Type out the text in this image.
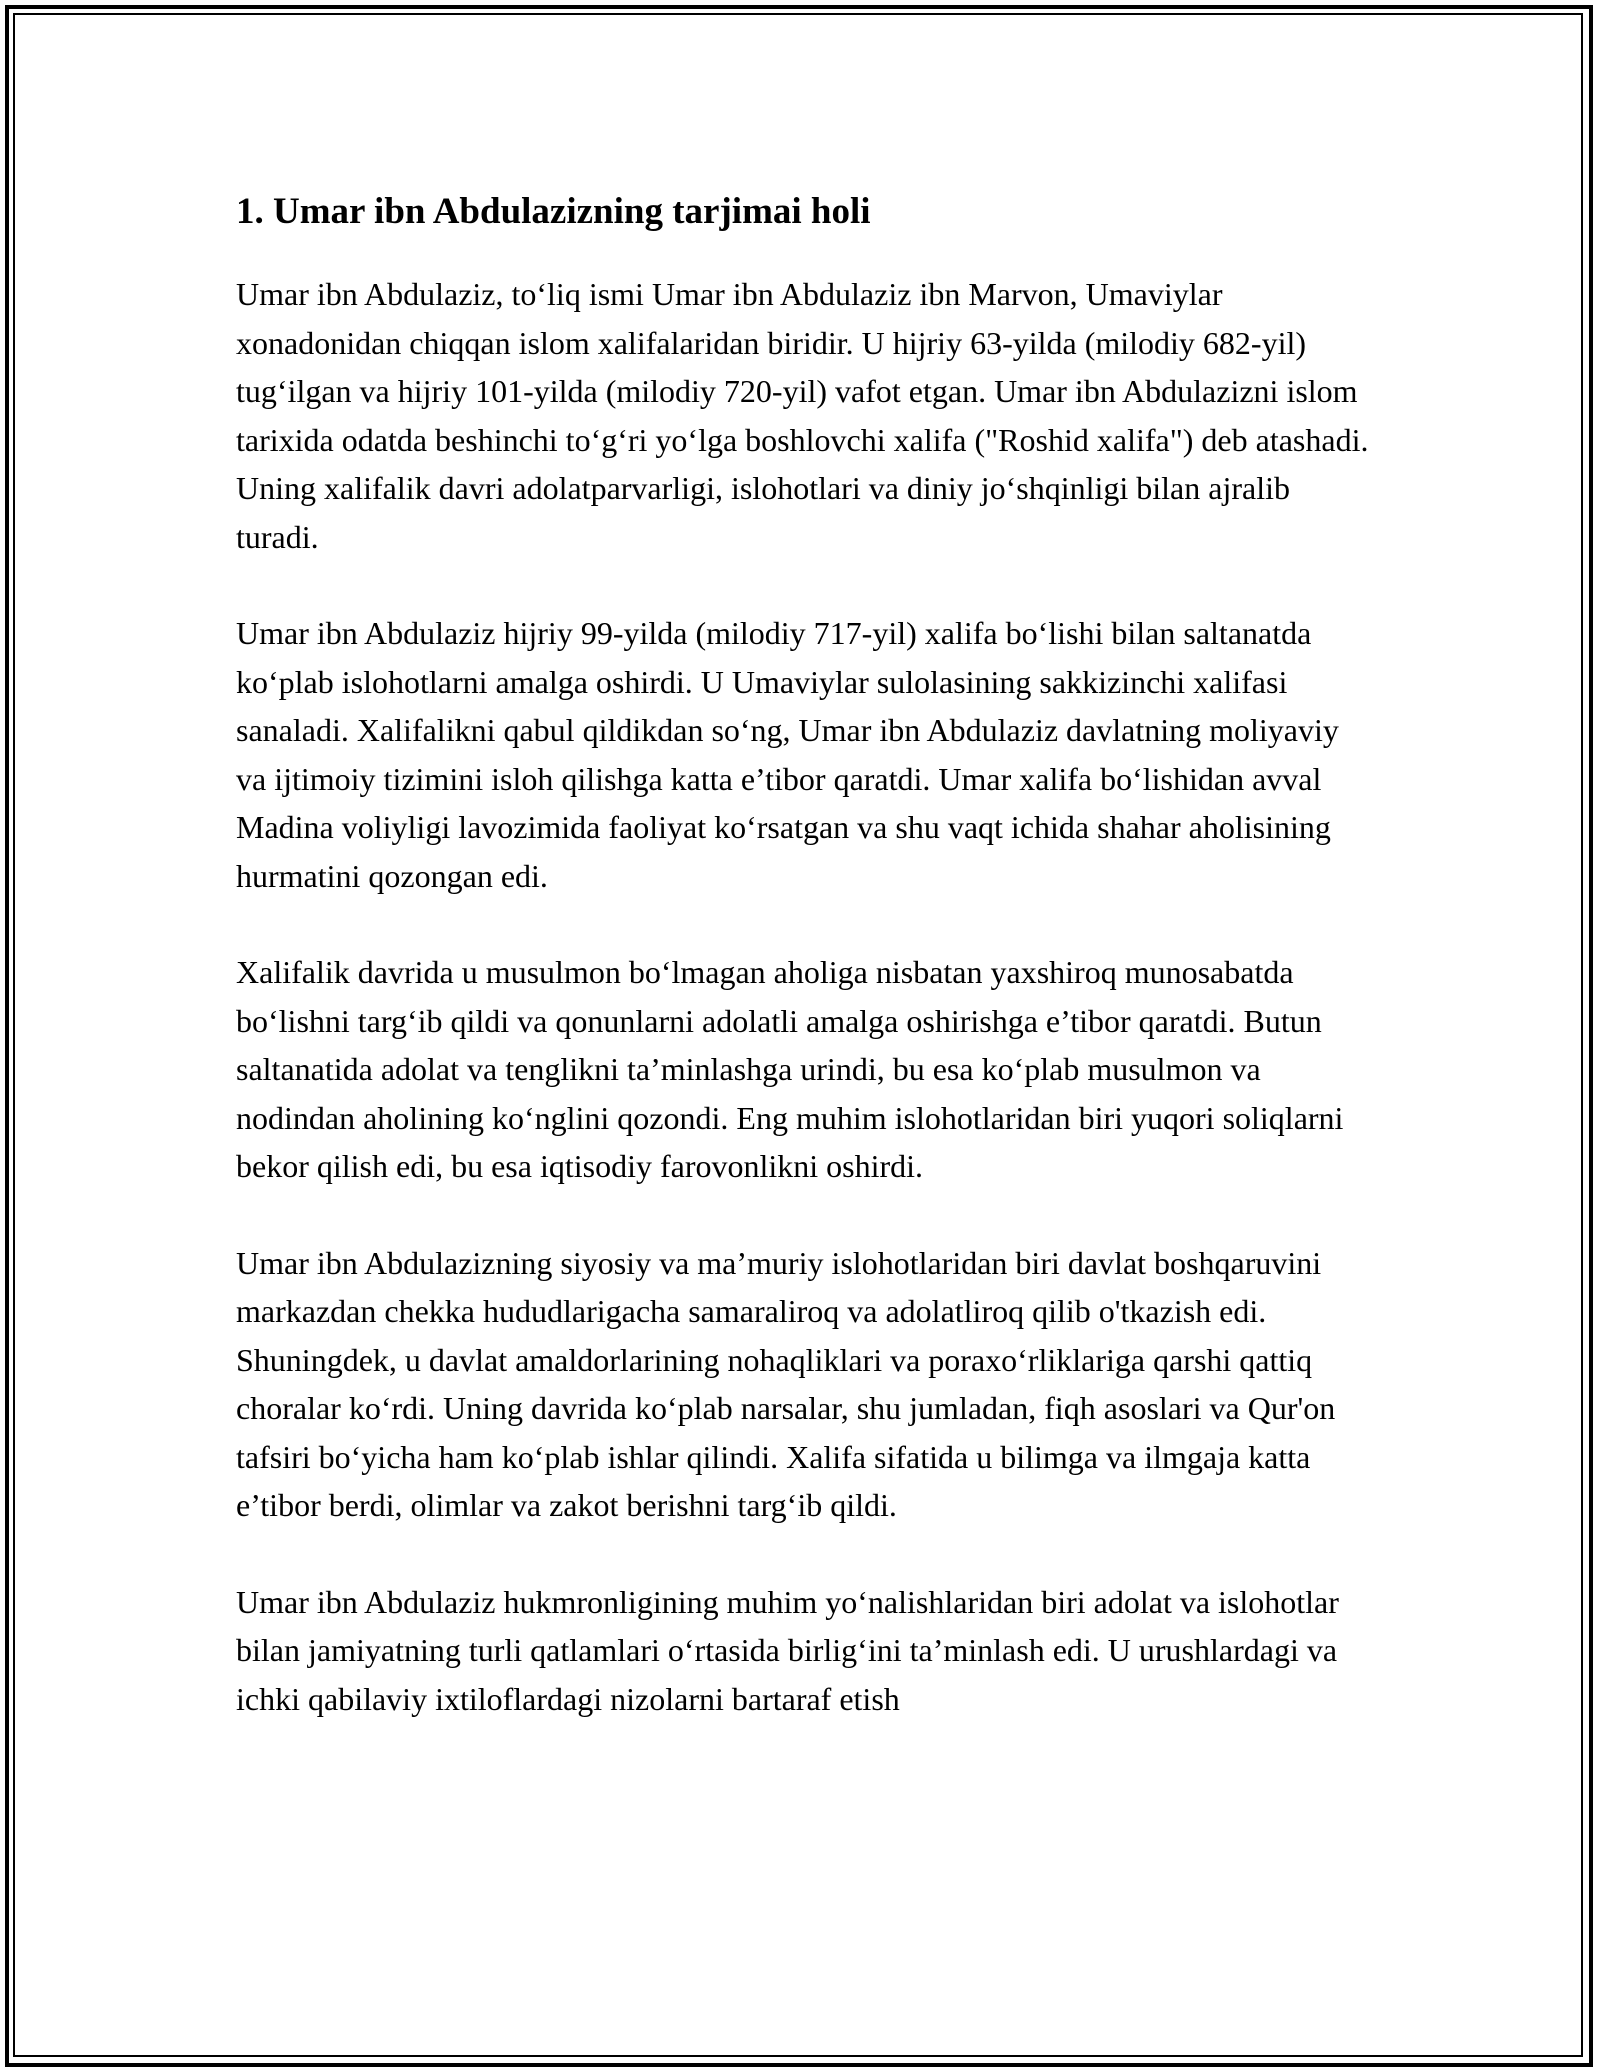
1. Umar ibn Abdulazizning tarjimai holi

Umar ibn Abdulaziz, to‘liq ismi Umar ibn Abdulaziz ibn Marvon, Umaviylar xonadonidan chiqqan islom xalifalaridan biridir. U hijriy 63-yilda (milodiy 682-yil) tug‘ilgan va hijriy 101-yilda (milodiy 720-yil) vafot etgan. Umar ibn Abdulazizni islom tarixida odatda beshinchi to‘g‘ri yo‘lga boshlovchi xalifa ("Roshid xalifa") deb atashadi. Uning xalifalik davri adolatparvarligi, islohotlari va diniy jo‘shqinligi bilan ajralib turadi.

Umar ibn Abdulaziz hijriy 99-yilda (milodiy 717-yil) xalifa bo‘lishi bilan saltanatda ko‘plab islohotlarni amalga oshirdi. U Umaviylar sulolasining sakkizinchi xalifasi sanaladi. Xalifalikni qabul qildikdan so‘ng, Umar ibn Abdulaziz davlatning moliyaviy va ijtimoiy tizimini isloh qilishga katta e’tibor qaratdi. Umar xalifa bo‘lishidan avval Madina voliyligi lavozimida faoliyat ko‘rsatgan va shu vaqt ichida shahar aholisining hurmatini qozongan edi.

Xalifalik davrida u musulmon bo‘lmagan aholiga nisbatan yaxshiroq munosabatda bo‘lishni targ‘ib qildi va qonunlarni adolatli amalga oshirishga e’tibor qaratdi. Butun saltanatida adolat va tenglikni ta’minlashga urindi, bu esa ko‘plab musulmon va nodindan aholining ko‘nglini qozondi. Eng muhim islohotlaridan biri yuqori soliqlarni bekor qilish edi, bu esa iqtisodiy farovonlikni oshirdi.

Umar ibn Abdulazizning siyosiy va ma’muriy islohotlaridan biri davlat boshqaruvini markazdan chekka hududlarigacha samaraliroq va adolatliroq qilib o'tkazish edi. Shuningdek, u davlat amaldorlarining nohaqliklari va poraxo‘rliklariga qarshi qattiq choralar ko‘rdi. Uning davrida ko‘plab narsalar, shu jumladan, fiqh asoslari va Qur'on tafsiri bo‘yicha ham ko‘plab ishlar qilindi. Xalifa sifatida u bilimga va ilmgaja katta e’tibor berdi, olimlar va zakot berishni targ‘ib qildi.

Umar ibn Abdulaziz hukmronligining muhim yo‘nalishlaridan biri adolat va islohotlar bilan jamiyatning turli qatlamlari o‘rtasida birlig‘ini ta’minlash edi. U urushlardagi va ichki qabilaviy ixtiloflardagi nizolarni bartaraf etish
